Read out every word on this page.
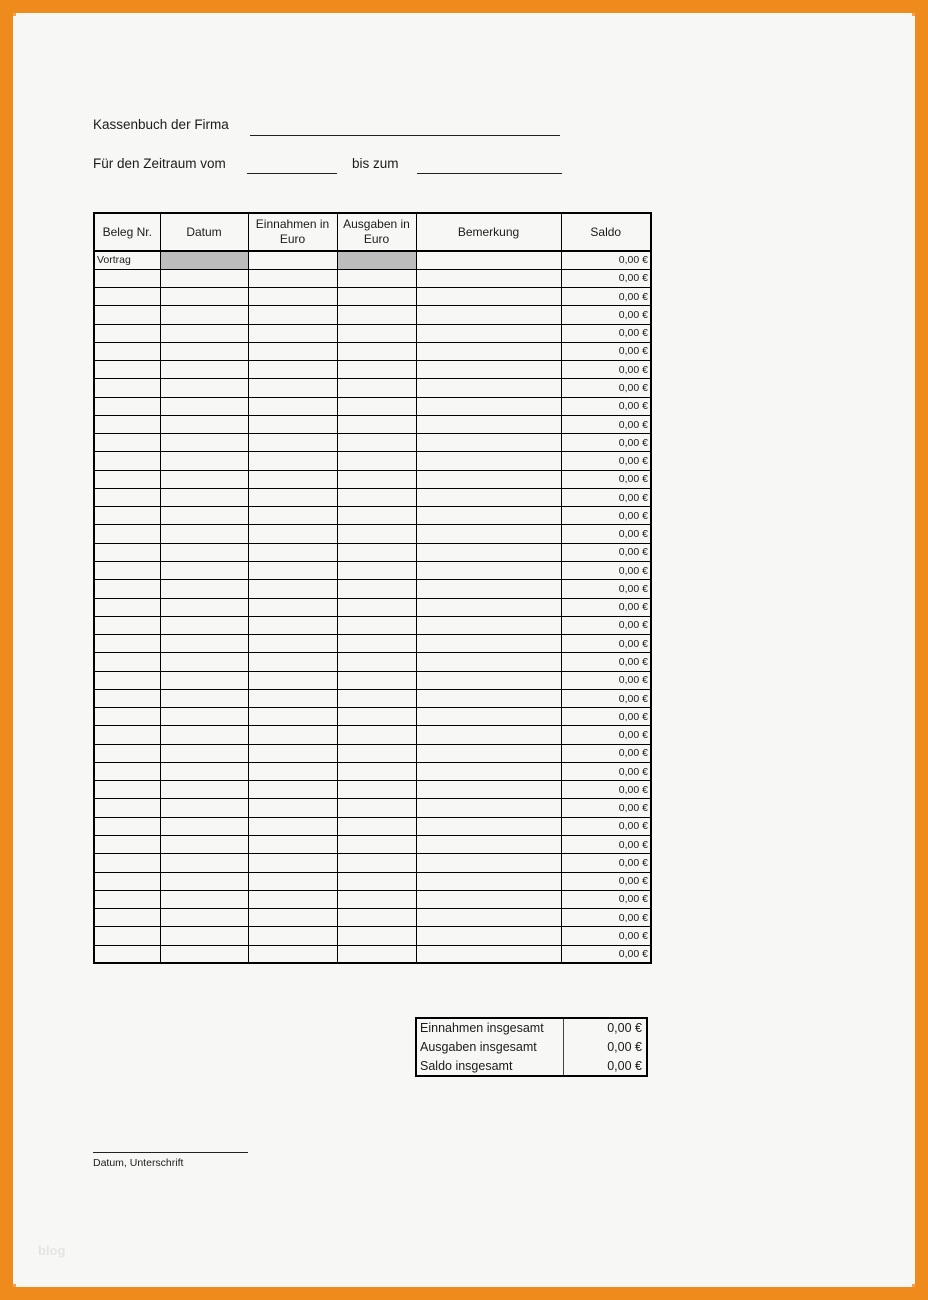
Kassenbuch der Firma
Für den Zeitraum vom	bis zum
Beleg Nr.	Datum	Einnahmen in Euro	Ausgaben in Euro	Bemerkung	Saldo
Vortrag					0,00 €
					0,00 €
					0,00 €
					0,00 €
					0,00 €
					0,00 €
					0,00 €
					0,00 €
					0,00 €
					0,00 €
					0,00 €
					0,00 €
					0,00 €
					0,00 €
					0,00 €
					0,00 €
					0,00 €
					0,00 €
					0,00 €
					0,00 €
					0,00 €
					0,00 €
					0,00 €
					0,00 €
					0,00 €
					0,00 €
					0,00 €
					0,00 €
					0,00 €
					0,00 €
					0,00 €
					0,00 €
					0,00 €
					0,00 €
					0,00 €
					0,00 €
					0,00 €
					0,00 €
					0,00 €
Einnahmen insgesamt	0,00 €
Ausgaben insgesamt	0,00 €
Saldo insgesamt	0,00 €
Datum, Unterschrift
blog
